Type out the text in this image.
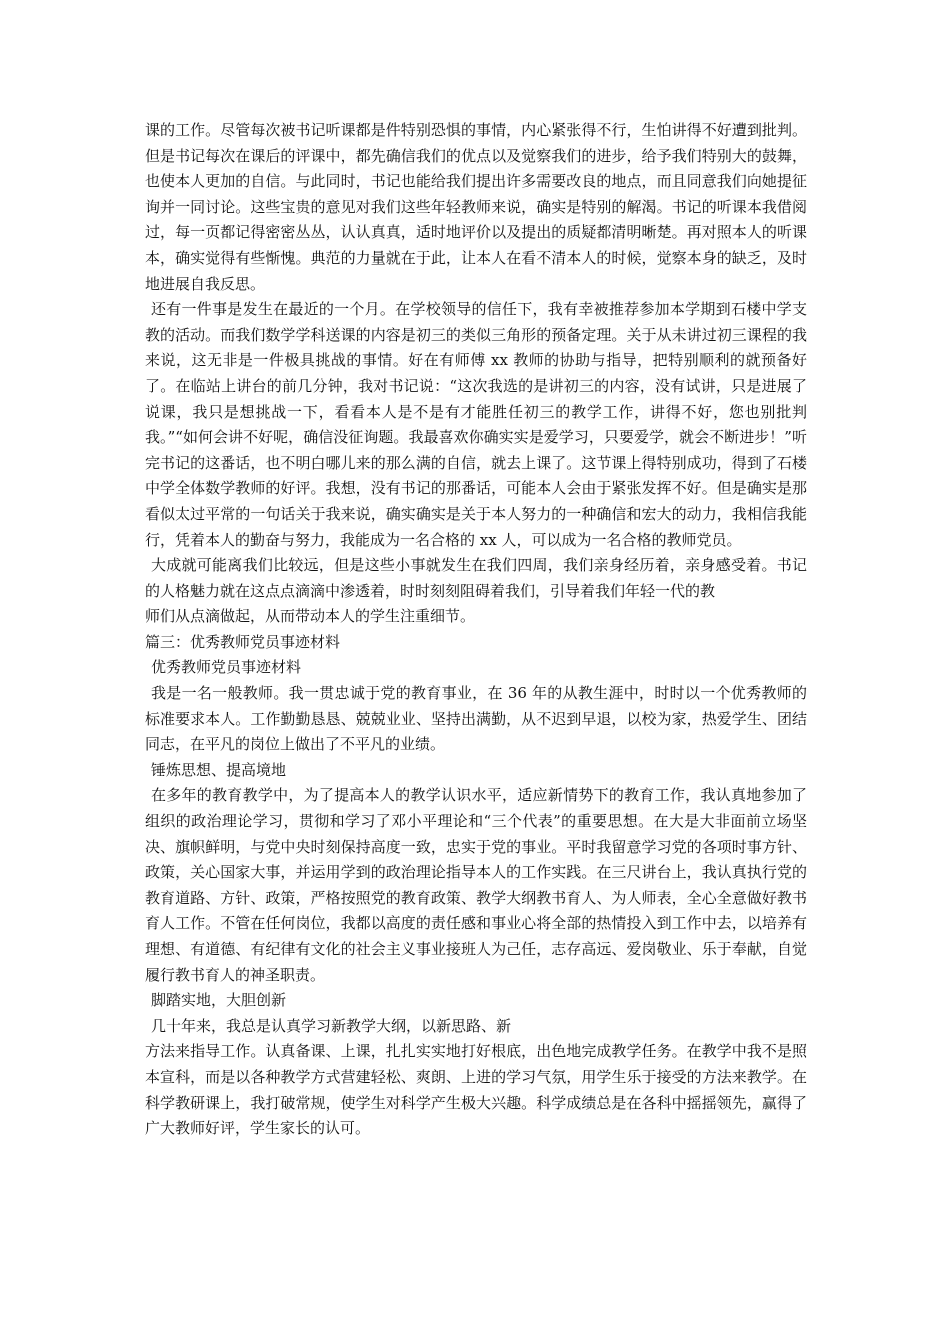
课的工作。尽管每次被书记听课都是件特别恐惧的事情，内心紧张得不行，生怕讲得不好遭到批判。但是书记每次在课后的评课中，都先确信我们的优点以及觉察我们的进步，给予我们特别大的鼓舞，也使本人更加的自信。与此同时，书记也能给我们提出许多需要改良的地点，而且同意我们向她提征询并一同讨论。这些宝贵的意见对我们这些年轻教师来说，确实是特别的解渴。书记的听课本我借阅过，每一页都记得密密丛丛，认认真真，适时地评价以及提出的质疑都清明晰楚。再对照本人的听课本，确实觉得有些惭愧。典范的力量就在于此，让本人在看不清本人的时候，觉察本身的缺乏，及时地进展自我反思。

还有一件事是发生在最近的一个月。在学校领导的信任下，我有幸被推荐参加本学期到石楼中学支教的活动。而我们数学学科送课的内容是初三的类似三角形的预备定理。关于从未讲过初三课程的我来说，这无非是一件极具挑战的事情。好在有师傅 xx 教师的协助与指导，把特别顺利的就预备好了。在临站上讲台的前几分钟，我对书记说：“这次我选的是讲初三的内容，没有试讲，只是进展了说课，我只是想挑战一下，看看本人是不是有才能胜任初三的教学工作，讲得不好，您也别批判我。”“如何会讲不好呢，确信没征询题。我最喜欢你确实实是爱学习，只要爱学，就会不断进步！”听完书记的这番话，也不明白哪儿来的那么满的自信，就去上课了。这节课上得特别成功，得到了石楼中学全体数学教师的好评。我想，没有书记的那番话，可能本人会由于紧张发挥不好。但是确实是那看似太过平常的一句话关于我来说，确实确实是关于本人努力的一种确信和宏大的动力，我相信我能行，凭着本人的勤奋与努力，我能成为一名合格的 xx 人，可以成为一名合格的教师党员。

大成就可能离我们比较远，但是这些小事就发生在我们四周，我们亲身经历着，亲身感受着。书记的人格魅力就在这点点滴滴中渗透着，时时刻刻阻碍着我们，引导着我们年轻一代的教

师们从点滴做起，从而带动本人的学生注重细节。

篇三：优秀教师党员事迹材料

优秀教师党员事迹材料

我是一名一般教师。我一贯忠诚于党的教育事业，在 36 年的从教生涯中，时时以一个优秀教师的标准要求本人。工作勤勤恳恳、兢兢业业、坚持出满勤，从不迟到早退，以校为家，热爱学生、团结同志，在平凡的岗位上做出了不平凡的业绩。

锤炼思想、提高境地

在多年的教育教学中，为了提高本人的教学认识水平，适应新情势下的教育工作，我认真地参加了组织的政治理论学习，贯彻和学习了邓小平理论和“三个代表”的重要思想。在大是大非面前立场坚决、旗帜鲜明，与党中央时刻保持高度一致，忠实于党的事业。平时我留意学习党的各项时事方针、政策，关心国家大事，并运用学到的政治理论指导本人的工作实践。在三尺讲台上，我认真执行党的教育道路、方针、政策，严格按照党的教育政策、教学大纲教书育人、为人师表，全心全意做好教书育人工作。不管在任何岗位，我都以高度的责任感和事业心将全部的热情投入到工作中去，以培养有理想、有道德、有纪律有文化的社会主义事业接班人为己任，志存高远、爱岗敬业、乐于奉献，自觉履行教书育人的神圣职责。

脚踏实地，大胆创新

几十年来，我总是认真学习新教学大纲，以新思路、新

方法来指导工作。认真备课、上课，扎扎实实地打好根底，出色地完成教学任务。在教学中我不是照本宣科，而是以各种教学方式营建轻松、爽朗、上进的学习气氛，用学生乐于接受的方法来教学。在科学教研课上，我打破常规，使学生对科学产生极大兴趣。科学成绩总是在各科中摇摇领先，赢得了广大教师好评，学生家长的认可。
